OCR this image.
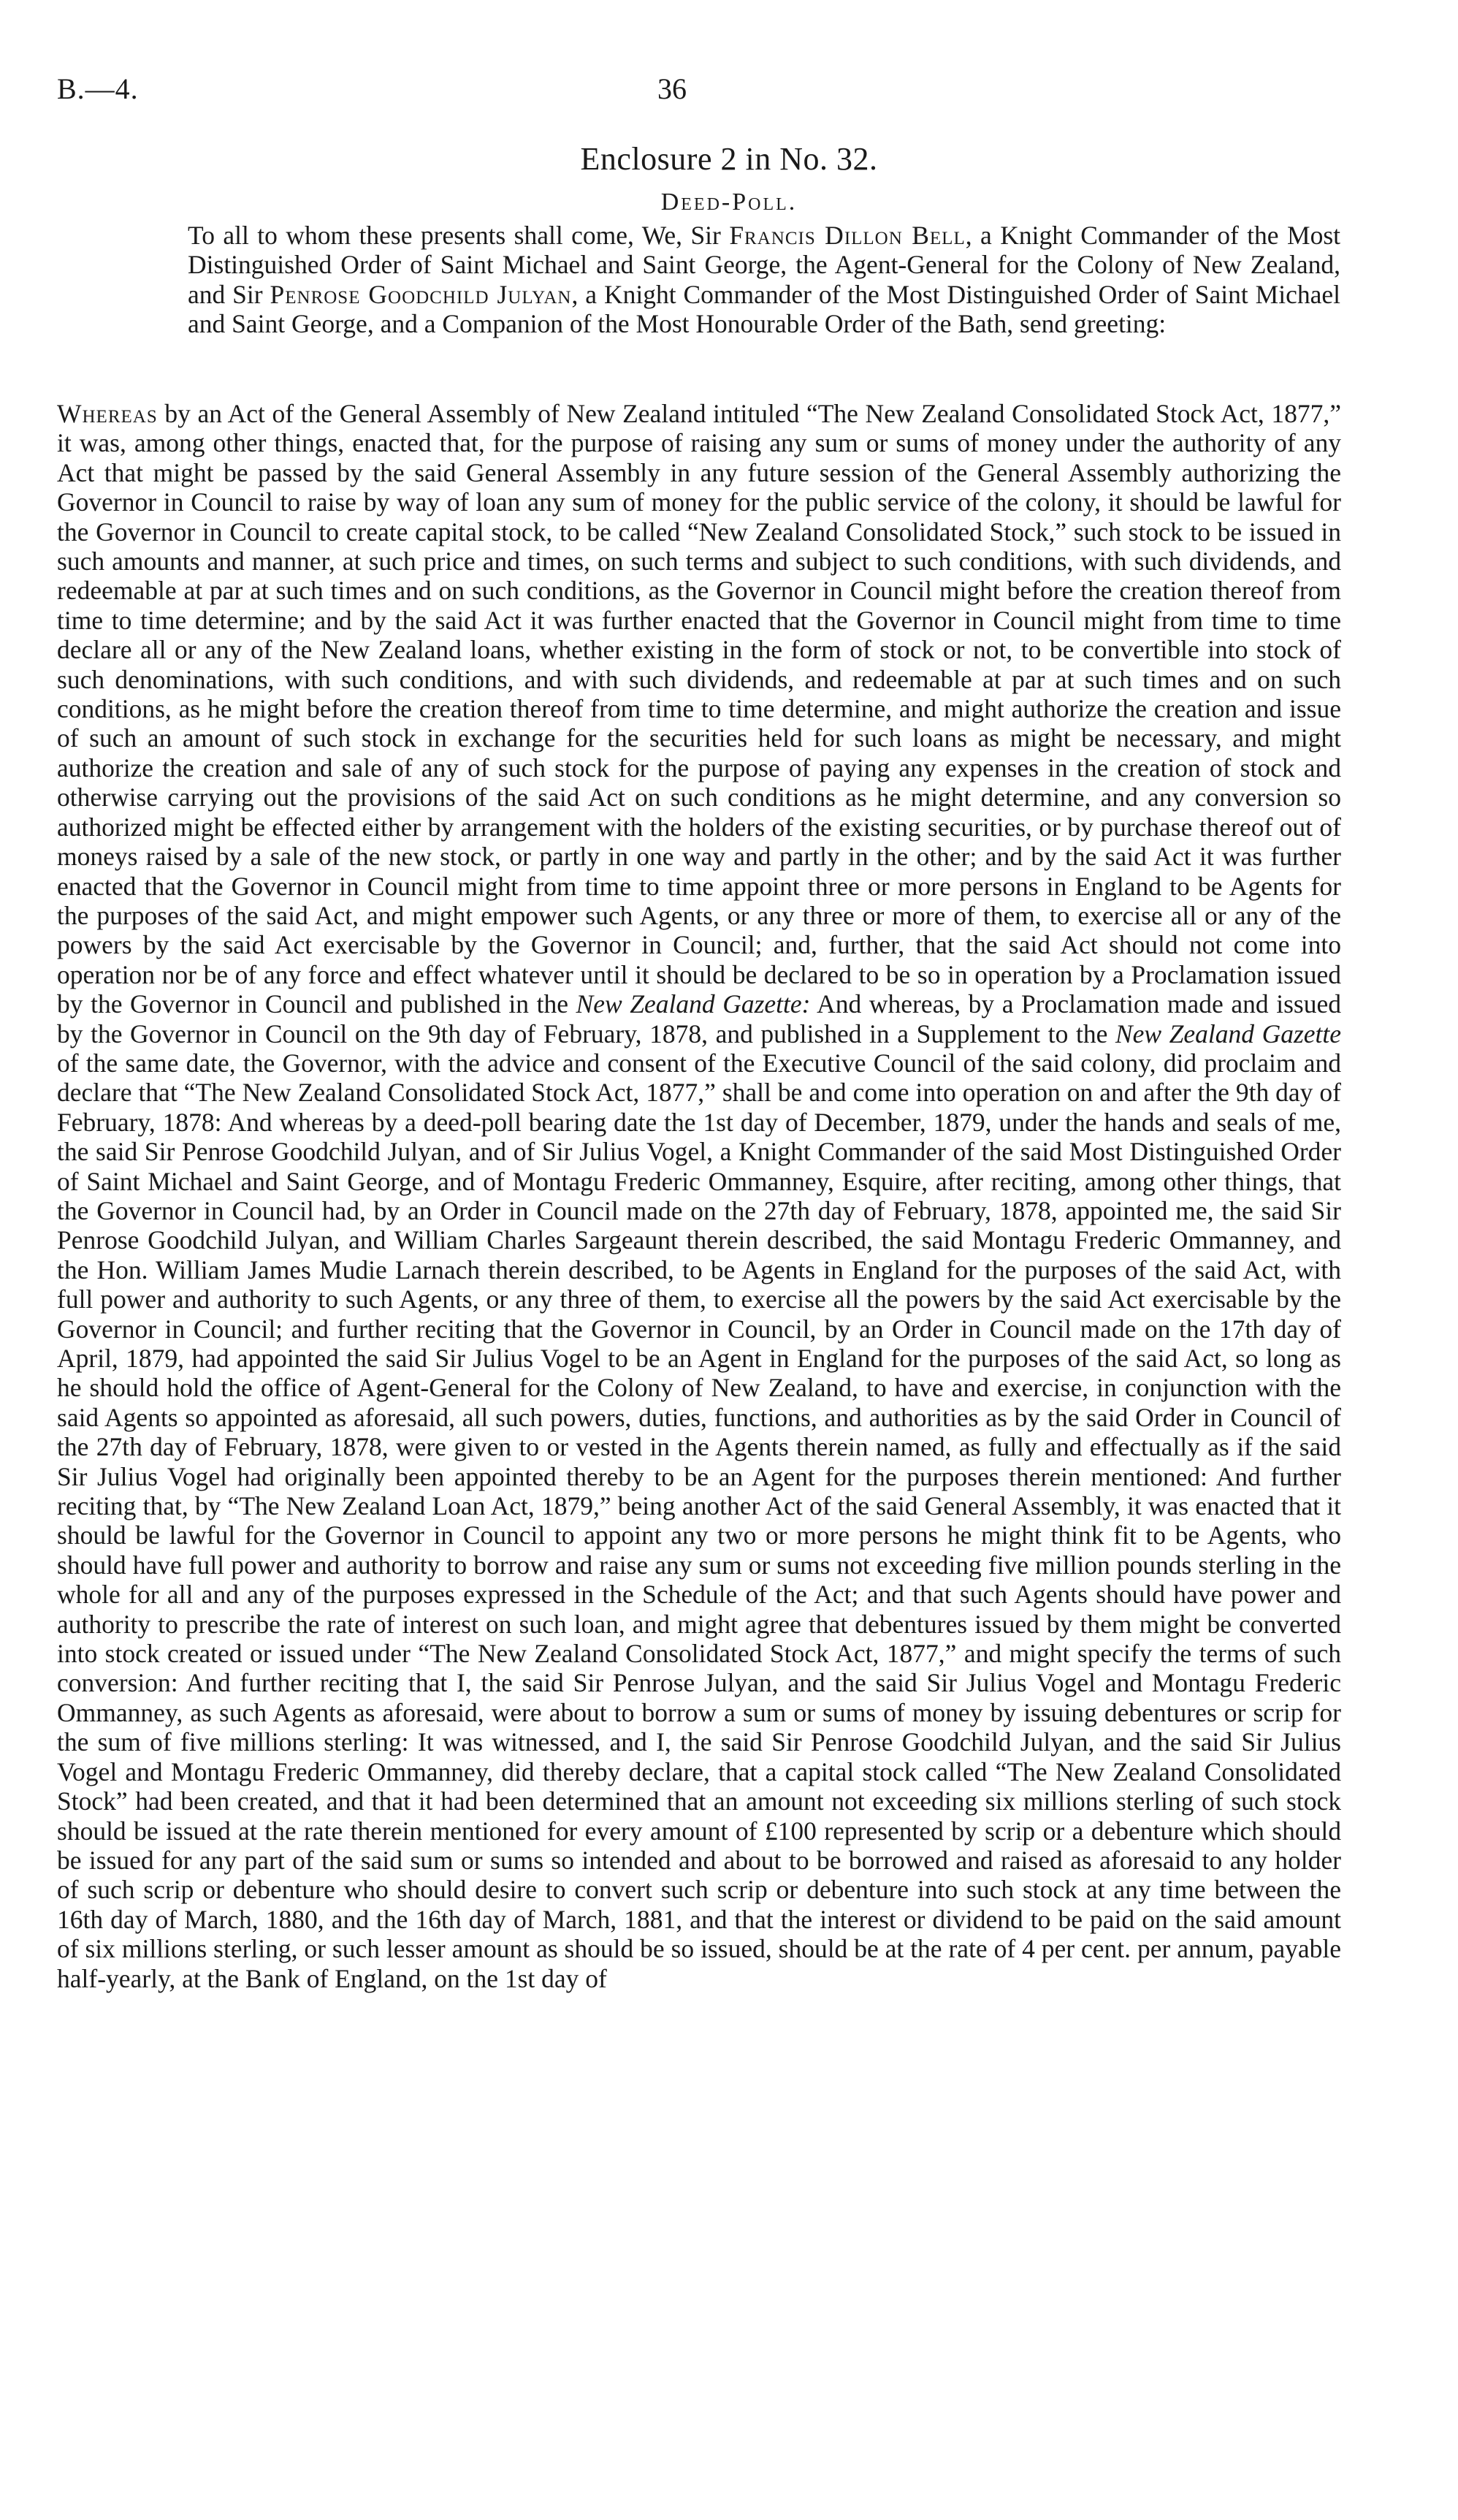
B.—4.	36
Enclosure 2 in No. 32.
Deed-Poll.
To all to whom these presents shall come, We, Sir Francis Dillon Bell, a Knight Commander of the Most Distinguished Order of Saint Michael and Saint George, the Agent-General for the Colony of New Zealand, and Sir Penrose Goodchild Julyan, a Knight Commander of the Most Distinguished Order of Saint Michael and Saint George, and a Companion of the Most Honourable Order of the Bath, send greeting:
Whereas by an Act of the General Assembly of New Zealand intituled “The New Zealand Consolidated Stock Act, 1877,” it was, among other things, enacted that, for the purpose of raising any sum or sums of money under the authority of any Act that might be passed by the said General Assembly in any future session of the General Assembly authorizing the Governor in Council to raise by way of loan any sum of money for the public service of the colony, it should be lawful for the Governor in Council to create capital stock, to be called “New Zealand Consolidated Stock,” such stock to be issued in such amounts and manner, at such price and times, on such terms and subject to such conditions, with such dividends, and redeemable at par at such times and on such conditions, as the Governor in Council might before the creation thereof from time to time determine; and by the said Act it was further enacted that the Governor in Council might from time to time declare all or any of the New Zealand loans, whether existing in the form of stock or not, to be convertible into stock of such denominations, with such conditions, and with such dividends, and redeemable at par at such times and on such conditions, as he might before the creation thereof from time to time determine, and might authorize the creation and issue of such an amount of such stock in exchange for the securities held for such loans as might be necessary, and might authorize the creation and sale of any of such stock for the purpose of paying any expenses in the creation of stock and otherwise carrying out the provisions of the said Act on such conditions as he might determine, and any conversion so authorized might be effected either by arrangement with the holders of the existing securities, or by purchase thereof out of moneys raised by a sale of the new stock, or partly in one way and partly in the other; and by the said Act it was further enacted that the Governor in Council might from time to time appoint three or more persons in England to be Agents for the purposes of the said Act, and might empower such Agents, or any three or more of them, to exercise all or any of the powers by the said Act exercisable by the Governor in Council; and, further, that the said Act should not come into operation nor be of any force and effect whatever until it should be declared to be so in operation by a Proclamation issued by the Governor in Council and published in the New Zealand Gazette: And whereas, by a Proclamation made and issued by the Governor in Council on the 9th day of February, 1878, and published in a Supplement to the New Zealand Gazette of the same date, the Governor, with the advice and consent of the Executive Council of the said colony, did proclaim and declare that “The New Zealand Consolidated Stock Act, 1877,” shall be and come into operation on and after the 9th day of February, 1878: And whereas by a deed-poll bearing date the 1st day of December, 1879, under the hands and seals of me, the said Sir Penrose Goodchild Julyan, and of Sir Julius Vogel, a Knight Commander of the said Most Distinguished Order of Saint Michael and Saint George, and of Montagu Frederic Ommanney, Esquire, after reciting, among other things, that the Governor in Council had, by an Order in Council made on the 27th day of February, 1878, appointed me, the said Sir Penrose Goodchild Julyan, and William Charles Sargeaunt therein described, the said Montagu Frederic Ommanney, and the Hon. William James Mudie Larnach therein described, to be Agents in England for the purposes of the said Act, with full power and authority to such Agents, or any three of them, to exercise all the powers by the said Act exercisable by the Governor in Council; and further reciting that the Governor in Council, by an Order in Council made on the 17th day of April, 1879, had appointed the said Sir Julius Vogel to be an Agent in England for the purposes of the said Act, so long as he should hold the office of Agent-General for the Colony of New Zealand, to have and exercise, in conjunction with the said Agents so appointed as aforesaid, all such powers, duties, functions, and authorities as by the said Order in Council of the 27th day of February, 1878, were given to or vested in the Agents therein named, as fully and effectually as if the said Sir Julius Vogel had originally been appointed thereby to be an Agent for the purposes therein mentioned: And further reciting that, by “The New Zealand Loan Act, 1879,” being another Act of the said General Assembly, it was enacted that it should be lawful for the Governor in Council to appoint any two or more persons he might think fit to be Agents, who should have full power and authority to borrow and raise any sum or sums not exceeding five million pounds sterling in the whole for all and any of the purposes expressed in the Schedule of the Act; and that such Agents should have power and authority to prescribe the rate of interest on such loan, and might agree that debentures issued by them might be converted into stock created or issued under “The New Zealand Consolidated Stock Act, 1877,” and might specify the terms of such conversion: And further reciting that I, the said Sir Penrose Julyan, and the said Sir Julius Vogel and Montagu Frederic Ommanney, as such Agents as aforesaid, were about to borrow a sum or sums of money by issuing debentures or scrip for the sum of five millions sterling: It was witnessed, and I, the said Sir Penrose Goodchild Julyan, and the said Sir Julius Vogel and Montagu Frederic Ommanney, did thereby declare, that a capital stock called “The New Zealand Consolidated Stock” had been created, and that it had been determined that an amount not exceeding six millions sterling of such stock should be issued at the rate therein mentioned for every amount of £100 represented by scrip or a debenture which should be issued for any part of the said sum or sums so intended and about to be borrowed and raised as aforesaid to any holder of such scrip or debenture who should desire to convert such scrip or debenture into such stock at any time between the 16th day of March, 1880, and the 16th day of March, 1881, and that the interest or dividend to be paid on the said amount of six millions sterling, or such lesser amount as should be so issued, should be at the rate of 4 per cent. per annum, payable half-yearly, at the Bank of England, on the 1st day of
